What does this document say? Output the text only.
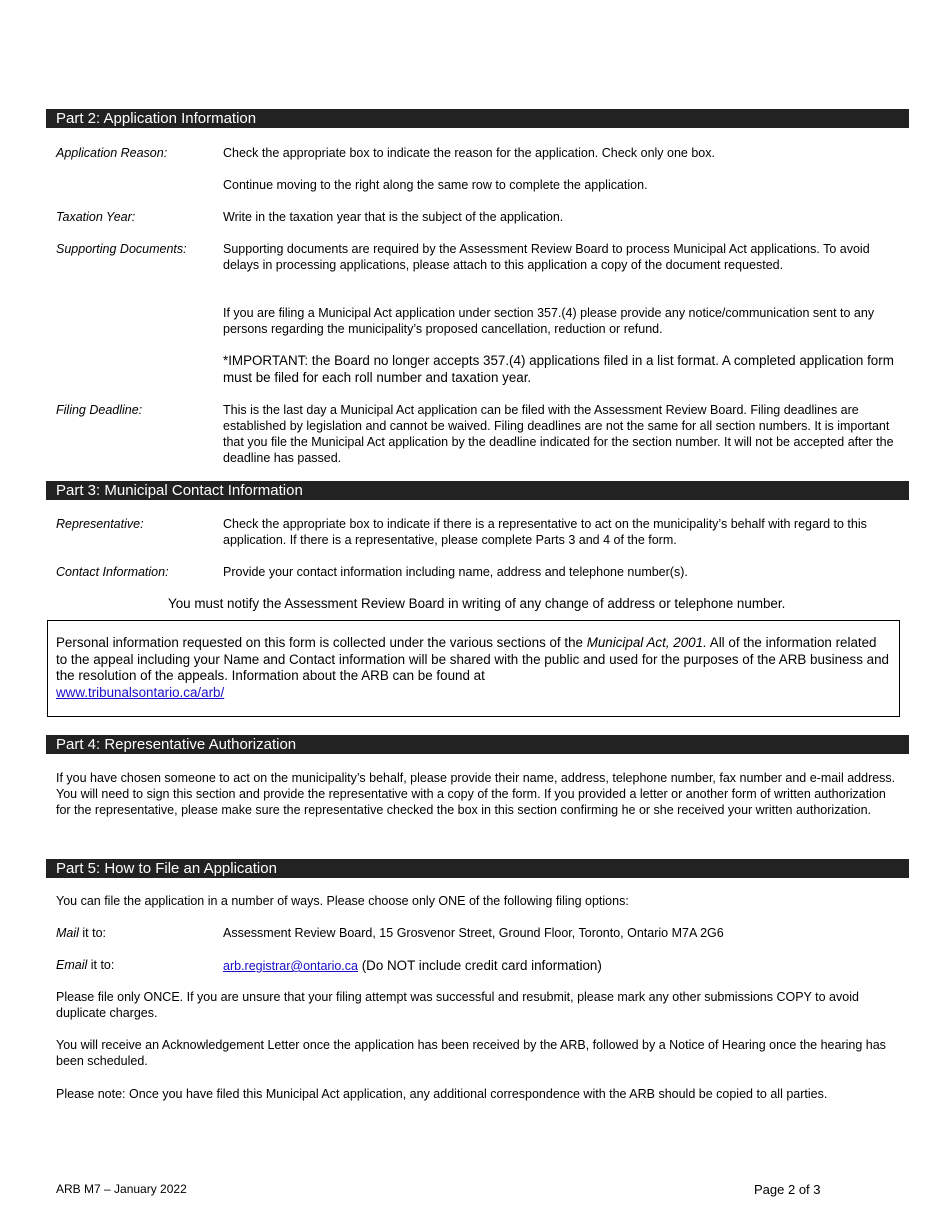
Part 2: Application Information
Application Reason:	Check the appropriate box to indicate the reason for the application. Check only one box.
Continue moving to the right along the same row to complete the application.
Taxation Year:	Write in the taxation year that is the subject of the application.
Supporting Documents:	Supporting documents are required by the Assessment Review Board to process Municipal Act applications. To avoid delays in processing applications, please attach to this application a copy of the document requested.
If you are filing a Municipal Act application under section 357.(4) please provide any notice/communication sent to any persons regarding the municipality’s proposed cancellation, reduction or refund.
*IMPORTANT: the Board no longer accepts 357.(4) applications filed in a list format. A completed application form must be filed for each roll number and taxation year.
Filing Deadline:	This is the last day a Municipal Act application can be filed with the Assessment Review Board. Filing deadlines are established by legislation and cannot be waived. Filing deadlines are not the same for all section numbers. It is important that you file the Municipal Act application by the deadline indicated for the section number. It will not be accepted after the deadline has passed.
Part 3: Municipal Contact Information
Representative:	Check the appropriate box to indicate if there is a representative to act on the municipality’s behalf with regard to this application. If there is a representative, please complete Parts 3 and 4 of the form.
Contact Information:	Provide your contact information including name, address and telephone number(s).
You must notify the Assessment Review Board in writing of any change of address or telephone number.
Personal information requested on this form is collected under the various sections of the Municipal Act, 2001. All of the information related to the appeal including your Name and Contact information will be shared with the public and used for the purposes of the ARB business and the resolution of the appeals. Information about the ARB can be found at
www.tribunalsontario.ca/arb/
Part 4: Representative Authorization
If you have chosen someone to act on the municipality’s behalf, please provide their name, address, telephone number, fax number and e-mail address. You will need to sign this section and provide the representative with a copy of the form. If you provided a letter or another form of written authorization for the representative, please make sure the representative checked the box in this section confirming he or she received your written authorization.
Part 5: How to File an Application
You can file the application in a number of ways. Please choose only ONE of the following filing options:
Mail it to:	Assessment Review Board, 15 Grosvenor Street, Ground Floor, Toronto, Ontario M7A 2G6
Email it to:	arb.registrar@ontario.ca (Do NOT include credit card information)
Please file only ONCE. If you are unsure that your filing attempt was successful and resubmit, please mark any other submissions COPY to avoid duplicate charges.
You will receive an Acknowledgement Letter once the application has been received by the ARB, followed by a Notice of Hearing once the hearing has been scheduled.
Please note: Once you have filed this Municipal Act application, any additional correspondence with the ARB should be copied to all parties.
ARB M7 – January 2022	Page 2 of 3
